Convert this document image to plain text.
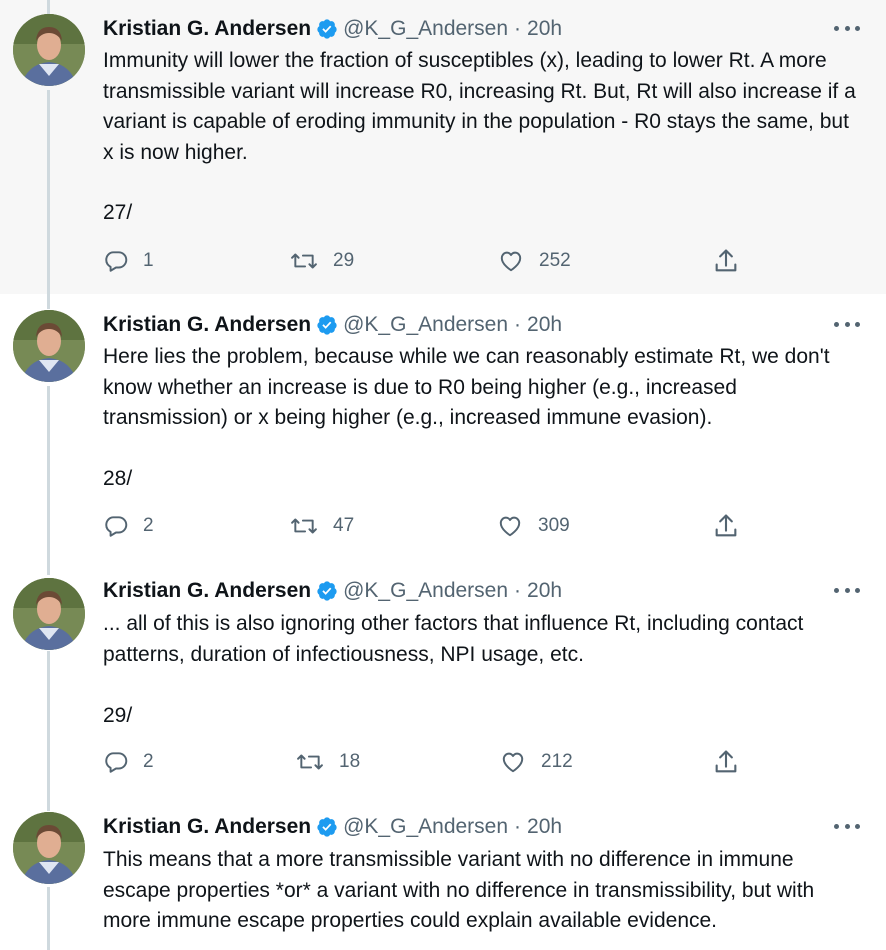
Kristian G. Andersen @K_G_Andersen · 20h
Immunity will lower the fraction of susceptibles (x), leading to lower Rt. A more transmissible variant will increase R0, increasing Rt. But, Rt will also increase if a variant is capable of eroding immunity in the population - R0 stays the same, but x is now higher.
27/
1	29	252
Kristian G. Andersen @K_G_Andersen · 20h
Here lies the problem, because while we can reasonably estimate Rt, we don't know whether an increase is due to R0 being higher (e.g., increased transmission) or x being higher (e.g., increased immune evasion).
28/
2	47	309
Kristian G. Andersen @K_G_Andersen · 20h
... all of this is also ignoring other factors that influence Rt, including contact patterns, duration of infectiousness, NPI usage, etc.
29/
2	18	212
Kristian G. Andersen @K_G_Andersen · 20h
This means that a more transmissible variant with no difference in immune escape properties *or* a variant with no difference in transmissibility, but with more immune escape properties could explain available evidence.
